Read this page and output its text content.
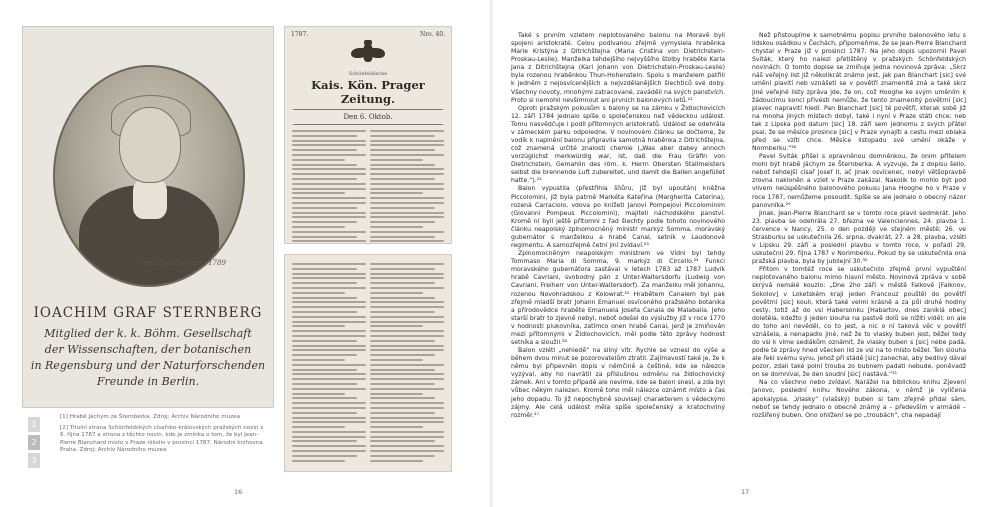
Jos. Haerche gest. 1789
IOACHIM GRAF STERNBERG
Mitglied der k. k. Böhm. Gesellschaft
der Wissenschaften, der botanischen
in Regensburg und der Naturforschenden
Freunde in Berlin.
1
2
3

[1] Hrabě Jáchym ze Šternberka. Zdroj: Archiv Národního muzea

[2] Titulní strana Schönfeldských císařsko-královských pražských novin z 6. října 1787 a strana z těchto novin, kde je zmínka o tom, že byl Jean-Pierre Blanchard místo v Praze nikoliv v prosinci 1787. Národní knihovna Praha. Zdroj: Archiv Národního muzea

1787.	Nro. 40.
Schönfeldische
Kais. Kön. Prager Zeitung.
Den 6. Oktob.
16

Také s prvním vzletem neplotovaného balonu na Moravě byli spojeni aristokraté. Celou podívanou zřejmě vymyslela hraběnka Marie Kristýna z Ditrichštejna (Maria Cristina von Dietrichstein-Proskau-Leslie). Manželka tehdejšího nejvyššího štolby hraběte Karla Jana z Ditrichštejna (Karl Johann von Dietrichstein-Proskau-Leslie) byla rozenou hraběnkou Thun-Hohenstein. Spolu s manželem patřili k jedněm z nejosvícenějších a nejvzdělanějších šlechticů své doby. Všechny novoty, mnohými zatracované, zaváděli na svých panstvích. Proto si nemohli nevšimnout ani prvních balonových letů.²¹

Oproti pražským pokusům s balony se na zámku v Židlochovicích 12. září 1784 jednalo spíše o společenskou než vědeckou událost. Tomu nasvědčuje i podíl přítomných aristokratů. Událost se odehrála v zámeckém parku odpoledne. V novinovém článku se dočteme, že vodík k naplnění balonu připravila samotná hraběnka z Ditrichštejna, což znamená určité znalosti chemie („Was aber dabey annoch vorzüglichst merkwürdig war, ist, daß die Frau Gräfin von Dietrichstein, Gemahlin des röm. k. Herrn Obersten Stallmeisters selbst die brennende Luft zubereitet, und damit die Ballen angefüllet hatte.“).²²

Balon vypustila (přestřihla šňůru, jíž byl upoután) kněžna Piccolomini, jíž byla patrně Markéta Kateřina (Margherita Caterina), rozená Carraciolo, vdova po knížeti Janovi Pompejovi Piccolominim (Giovanni Pompeus Piccolomini), majiteli náchodského panství. Kromě ní byli ještě přítomni z řad šlechty podle tohoto novinového článku neapolský zplnomocněný ministr markýz Somma, moravský gubernátor s manželkou a hrabě Canal, setník v Laudonově regimentu. A samozřejmě četní jiní zvídaví.²³

Zplnomocněným neapolským ministrem ve Vídni byl tehdy Tommaso Maria di Somma, 9. markýz di Circello.²⁴ Funkci moravského gubernátora zastával v letech 1783 až 1787 Ludvík hrabě Cavriani, svobodný pán z Unter-Waltersdorfu (Ludwig von Cavriani, Freiherr von Unter-Waltersdorf). Za manželku měl Johannu, rozenou Novohradskou z Kolowrat.²⁵ Hrabětem Canalem byl pak zřejmě mladší bratr Johann Emanuel osvíceného pražského botanika a přírodovědce hraběte Emanuela Josefa Canala de Malabaila. Jeho starší bratr to zjevně nebyl, neboť odešel do výslužby již v roce 1770 v hodnosti plukovníka, zatímco onen hrabě Canal, jenž je zmiňován mezi přítomnými v Židlochovicích, měl podle této zprávy hodnost setníka a sloužil.²⁶

Balon vzlétl „nehledě“ na silný vítr. Rychle se vznesl do výše a během dvou minut se pozorovatelům ztratil. Zajímavostí také je, že k němu byl připevněn dopis v němčině a češtině, kde se nálezce vyzýval, aby ho navrátil za příslušnou odměnu na židlochovický zámek. Ani v tomto případě ale nevíme, kde se balon snesl, a zda byl vůbec někým nalezen. Kromě toho měl nálezce oznámit místo a čas jeho dopadu. To již nepochybně souvisejí charakterem s vědeckými zájmy. Ale celá událost měla spíše společenský a kratochvilný rozměr.²⁷

Než přistoupíme k samotnému popisu prvního balonového letu s lidskou osádkou v Čechách, připomeňme, že se Jean-Pierre Blanchard chystal v Praze již v prosinci 1787. Na jeho dopis upozornil Pavel Sviták, který ho nalezl přetištěný v pražských Schönfeldských novinách. O tomto dopise se zmiňuje jedna novinová zpráva: „Skrz náš veřejný list již několikrát známo jest, jak pan Blanchart [sic] své umění plavití neb vznášeti se v povětří znamenitě zná a také skrz jiné veřejné listy zpráva jde, že on, což Hooghe ke svým uměním k žádoucímu konci přivésti nemůže, že tento znamenitý povětrní [sic] plavec napravití hledí. Pan Blanchart [sic] té povětří, kterak sobě již na mnoha jiných místech dobyl, také i nyní v Praze státi chce; neb tak z Lipska pod datum [sic] 18. září sem jednomu z svých přátel psal, že se měsíce prosince [sic] v Praze vynajíti a cestu mezi oblaka před se vzíti chce. Měsíce listopadu své umění okáže v Normberku.“²⁸

Pavel Sviták přišel s opravněnou domněnkou, že onim přítelem mohl být hrabě Jáchym ze Šternberka. A vyzvuje, že z dopisu šello, neboť tehdejší císař Josef II, ač jinak osvícenec, nebyl většopravbě zrovna nakloněn a vzlet v Praze zakázal. Nakolik to mohlo být pod vlivem neúspěšného balonového pokusu Jana Hooghe ho v Praze v roce 1787, nemůžeme posoudit. Spíše se ale jednalo o obecný názor panovníka.²⁹

Jinak, Jean-Pierre Blanchard se v tomto roce plavil sedmkrát. Jeho 23. plavba se odehrála 27. března ve Valenciennes, 24. plavba 1. července v Nancy, 25. o den později ve stejném městě; 26. ve Strasburku se uskutečnila 26. srpna, dvakrát, 27. a 28. plavba, vzlétl v Lipsku 29. září a poslední plavbu v tomto roce, v pořadí 29, uskutečnil 29. října 1787 v Norimberku. Pokud by se uskutečnila ona pražská plavba, byla by jubilejní 30.³⁰

Přitom v tomtéž roce se uskutečnilo zřejmě první vypuštění neplotovaného balonu mimo hlavní město. Novinová zpráva v sobě skrývá nemálé kouzlo: „Dne 2ho září v městě Falkově [Falknov, Sokolov] v Loketském kraji jeden Francouz pouštěl do povětří povětrní [sic] kouli, která také velmi krásně a za půl druhé hodiny cesty, totiž až do vsi Habersonku [Habartov, dnes zaniklá obec] doletěla, kdežto ji jeden slouha na pastvě dolů se nížiti viděl; on ale do toho ani nevěděl, co to jest, a nic o ní taková věc v povětří vznášela, a nenapadlo jiné, než že to vlasky buben jest, běžel tedy do vsi k víme sedlákům oznámit, že vlasky buben s [sic] nebe padá, podle té zprávy hned všecken lid ze vsi na to místo běžel. Ten slouha ale řekl svému synu, jehož při stádě [sic] zanechal, aby bedlivý dával pozor, zdali také polní trouba zo bubnem padati nebude, poněvadž on se domníval, že den soudní [sic] nastává.“³¹

Na co všechno nebo zvídaví. Narážel na biblickou knihu Zjevení Janovo, poslední knihu Nového zákona, v němž je vylíčena apokalypsa. „Vlasky“ (vlašský) buben si tam zřejmě přidal sám, neboť se tehdy jednalo o obecně známý a – především v armádě – rozšířený buben. Ono ohlížení se po „troubách“, cha nepadají

17
